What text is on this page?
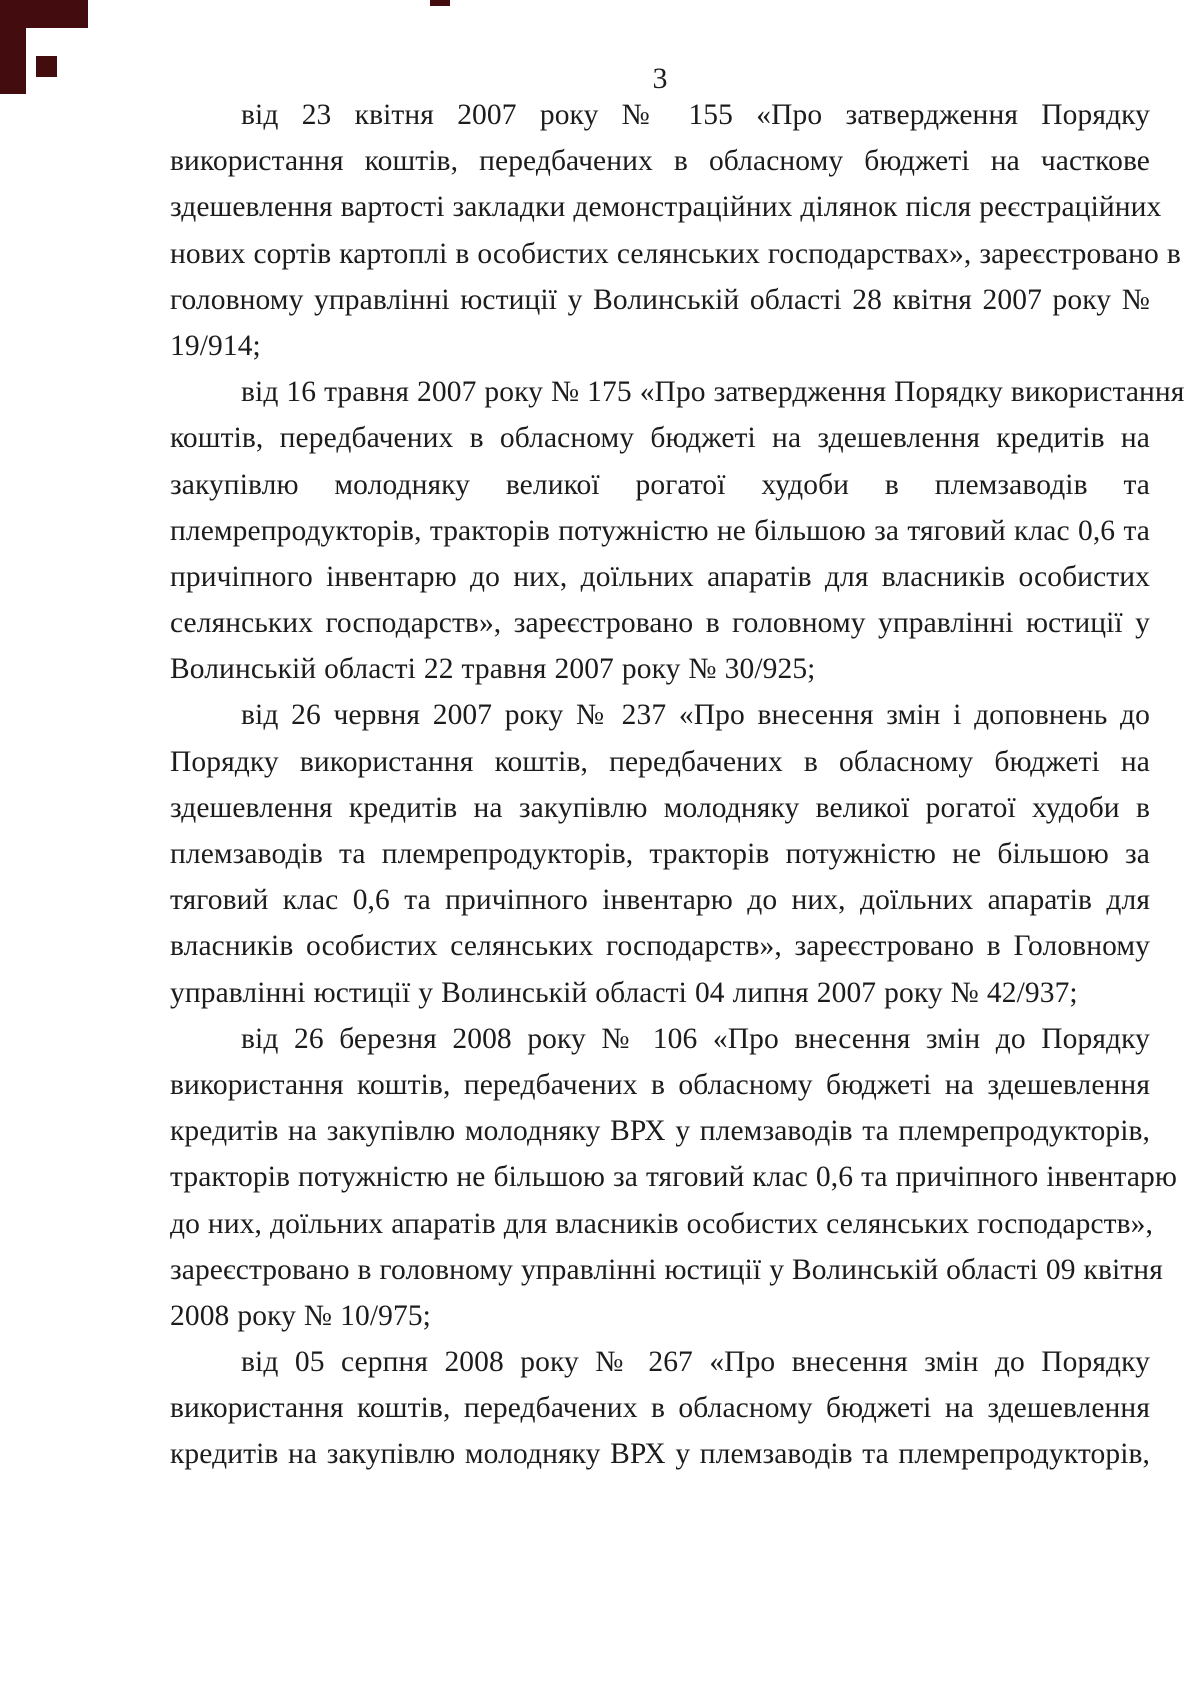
3
від 23 квітня 2007 року № 155 «Про затвердження Порядку
використання коштів, передбачених в обласному бюджеті на часткове
здешевлення вартості закладки демонстраційних ділянок після реєстраційних
нових сортів картоплі в особистих селянських господарствах», зареєстровано в
головному управлінні юстиції у Волинській області 28 квітня 2007 року №
19/914;
від 16 травня 2007 року № 175 «Про затвердження Порядку використання
коштів, передбачених в обласному бюджеті на здешевлення кредитів на
закупівлю молодняку великої рогатої худоби в племзаводів та
племрепродукторів, тракторів потужністю не більшою за тяговий клас 0,6 та
причіпного інвентарю до них, доїльних апаратів для власників особистих
селянських господарств», зареєстровано в головному управлінні юстиції у
Волинській області 22 травня 2007 року № 30/925;
від 26 червня 2007 року № 237 «Про внесення змін і доповнень до
Порядку використання коштів, передбачених в обласному бюджеті на
здешевлення кредитів на закупівлю молодняку великої рогатої худоби в
племзаводів та племрепродукторів, тракторів потужністю не більшою за
тяговий клас 0,6 та причіпного інвентарю до них, доїльних апаратів для
власників особистих селянських господарств», зареєстровано в Головному
управлінні юстиції у Волинській області 04 липня 2007 року № 42/937;
від 26 березня 2008 року № 106 «Про внесення змін до Порядку
використання коштів, передбачених в обласному бюджеті на здешевлення
кредитів на закупівлю молодняку ВРХ у племзаводів та племрепродукторів,
тракторів потужністю не більшою за тяговий клас 0,6 та причіпного інвентарю
до них, доїльних апаратів для власників особистих селянських господарств»,
зареєстровано в головному управлінні юстиції у Волинській області 09 квітня
2008 року № 10/975;
від 05 серпня 2008 року № 267 «Про внесення змін до Порядку
використання коштів, передбачених в обласному бюджеті на здешевлення
кредитів на закупівлю молодняку ВРХ у племзаводів та племрепродукторів,
